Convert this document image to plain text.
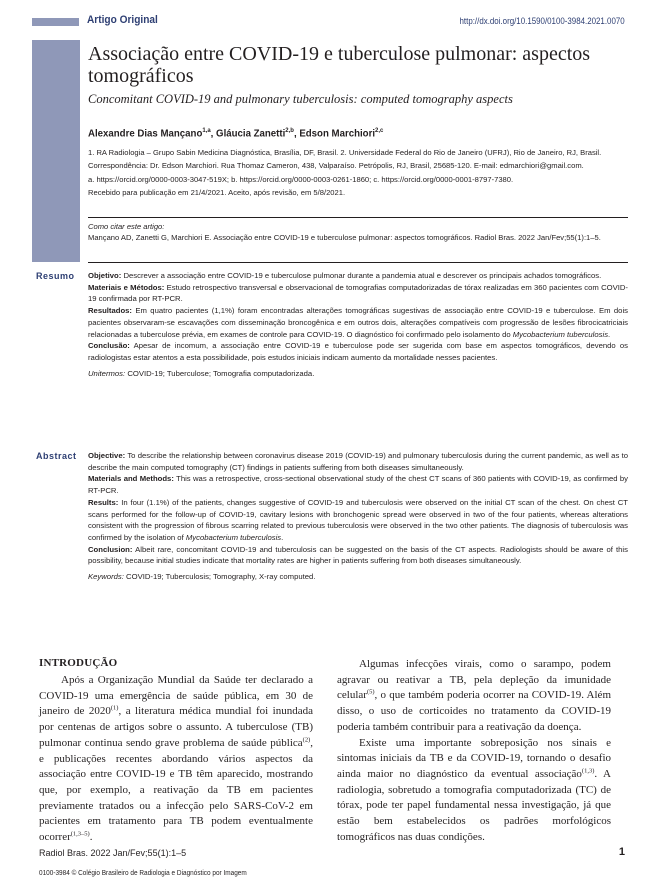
Artigo Original	http://dx.doi.org/10.1590/0100-3984.2021.0070
Associação entre COVID-19 e tuberculose pulmonar: aspectos tomográficos

Concomitant COVID-19 and pulmonary tuberculosis: computed tomography aspects

Alexandre Dias Mançano$^{1,a}$, Gláucia Zanetti$^{2,b}$, Edson Marchiori$^{2,c}$

1. RA Radiologia – Grupo Sabin Medicina Diagnóstica, Brasília, DF, Brasil. 2. Universidade Federal do Rio de Janeiro (UFRJ), Rio de Janeiro, RJ, Brasil.

Correspondência: Dr. Edson Marchiori. Rua Thomaz Cameron, 438, Valparaíso. Petrópolis, RJ, Brasil, 25685-120. E-mail: edmarchiori@gmail.com.

a. https://orcid.org/0000-0003-3047-519X; b. https://orcid.org/0000-0003-0261-1860; c. https://orcid.org/0000-0001-8797-7380.

Recebido para publicação em 21/4/2021. Aceito, após revisão, em 5/8/2021.

Como citar este artigo:

Mançano AD, Zanetti G, Marchiori E. Associação entre COVID-19 e tuberculose pulmonar: aspectos tomográficos. Radiol Bras. 2022 Jan/Fev;55(1):1–5.

Resumo Objetivo: Descrever a associação entre COVID-19 e tuberculose pulmonar durante a pandemia atual e descrever os principais achados tomográficos.

Materiais e Métodos: Estudo retrospectivo transversal e observacional de tomografias computadorizadas de tórax realizadas em 360 pacientes com COVID-19 confirmada por RT-PCR.

Resultados: Em quatro pacientes (1,1%) foram encontradas alterações tomográficas sugestivas de associação entre COVID-19 e tuberculose. Em dois pacientes observaram-se escavações com disseminação broncogênica e em outros dois, alterações compatíveis com progressão de lesões fibrocicatriciais relacionadas a tuberculose prévia, em exames de controle para COVID-19. O diagnóstico foi confirmado pelo isolamento do Mycobacterium tuberculosis.

Conclusão: Apesar de incomum, a associação entre COVID-19 e tuberculose pode ser sugerida com base em aspectos tomográficos, devendo os radiologistas estar atentos a esta possibilidade, pois estudos iniciais indicam aumento da mortalidade nesses pacientes.

Unitermos: COVID-19; Tuberculose; Tomografia computadorizada.

Abstract Objective: To describe the relationship between coronavirus disease 2019 (COVID-19) and pulmonary tuberculosis during the current pandemic, as well as to describe the main computed tomography (CT) findings in patients suffering from both diseases simultaneously.

Materials and Methods: This was a retrospective, cross-sectional observational study of the chest CT scans of 360 patients with COVID-19, as confirmed by RT-PCR.

Results: In four (1.1%) of the patients, changes suggestive of COVID-19 and tuberculosis were observed on the initial CT scan of the chest. On chest CT scans performed for the follow-up of COVID-19, cavitary lesions with bronchogenic spread were observed in two of the four patients, whereas alterations consistent with the progression of fibrous scarring related to previous tuberculosis were observed in the two other patients. The diagnosis of tuberculosis was confirmed by the isolation of Mycobacterium tuberculosis.

Conclusion: Albeit rare, concomitant COVID-19 and tuberculosis can be suggested on the basis of the CT aspects. Radiologists should be aware of this possibility, because initial studies indicate that mortality rates are higher in patients suffering from both diseases simultaneously.

Keywords: COVID-19; Tuberculosis; Tomography, X-ray computed.

INTRODUÇÃO

Após a Organização Mundial da Saúde ter declarado a COVID-19 uma emergência de saúde pública, em 30 de janeiro de 2020$^{(1)}$, a literatura médica mundial foi inundada por centenas de artigos sobre o assunto. A tuberculose (TB) pulmonar continua sendo grave problema de saúde pública$^{(2)}$, e publicações recentes abordando vários aspectos da associação entre COVID-19 e TB têm aparecido, mostrando que, por exemplo, a reativação da TB em pacientes previamente tratados ou a infecção pelo SARS-CoV-2 em pacientes em tratamento para TB podem eventualmente ocorrer$^{(1,3-5)}$.

Algumas infecções virais, como o sarampo, podem agravar ou reativar a TB, pela depleção da imunidade celular$^{(5)}$, o que também poderia ocorrer na COVID-19. Além disso, o uso de corticoides no tratamento da COVID-19 poderia também contribuir para a reativação da doença.

Existe uma importante sobreposição nos sinais e sintomas iniciais da TB e da COVID-19, tornando o desafio ainda maior no diagnóstico da eventual associação$^{(1,3)}$. A radiologia, sobretudo a tomografia computadorizada (TC) de tórax, pode ter papel fundamental nessa investigação, já que estão bem estabelecidos os padrões morfológicos tomográficos nas duas condições.

Radiol Bras. 2022 Jan/Fev;55(1):1–5	1
0100-3984 © Colégio Brasileiro de Radiologia e Diagnóstico por Imagem
